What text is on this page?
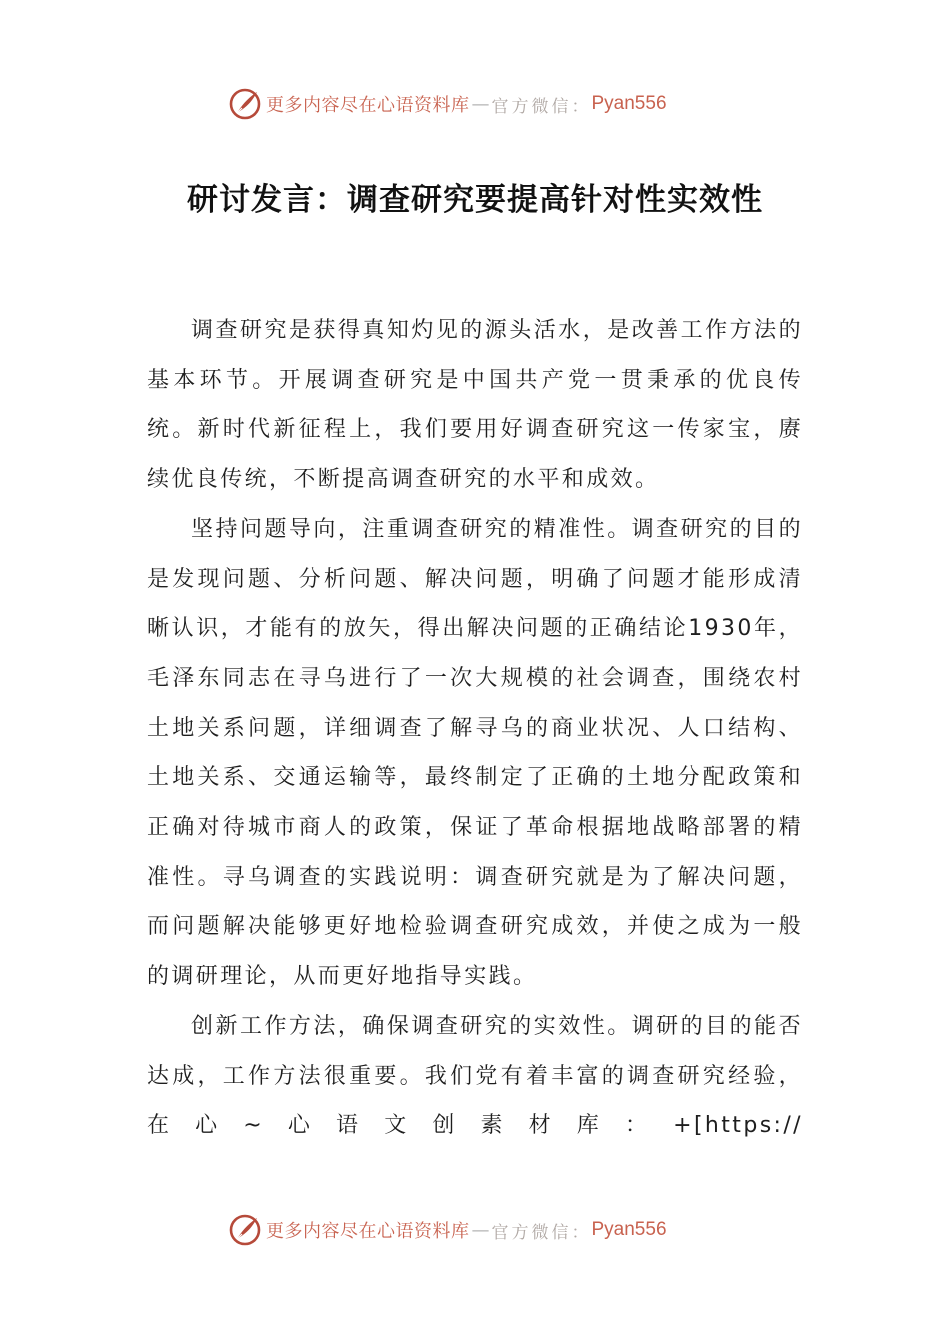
更多内容尽在心语资料库 — 官方微信： Pyan556
研讨发言：调查研究要提高针对性实效性

调查研究是获得真知灼见的源头活水，是改善工作方法的基本环节。开展调查研究是中国共产党一贯秉承的优良传统。新时代新征程上，我们要用好调查研究这一传家宝，赓续优良传统，不断提高调查研究的水平和成效。

坚持问题导向，注重调查研究的精准性。调查研究的目的是发现问题、分析问题、解决问题，明确了问题才能形成清晰认识，才能有的放矢，得出解决问题的正确结论1930年，毛泽东同志在寻乌进行了一次大规模的社会调查，围绕农村土地关系问题，详细调查了解寻乌的商业状况、人口结构、土地关系、交通运输等，最终制定了正确的土地分配政策和正确对待城市商人的政策，保证了革命根据地战略部署的精准性。寻乌调查的实践说明：调查研究就是为了解决问题，而问题解决能够更好地检验调查研究成效，并使之成为一般的调研理论，从而更好地指导实践。

创新工作方法，确保调查研究的实效性。调研的目的能否达成，工作方法很重要。我们党有着丰富的调查研究经验，在心~心语文创素材库：+[https://

更多内容尽在心语资料库 — 官方微信： Pyan556
